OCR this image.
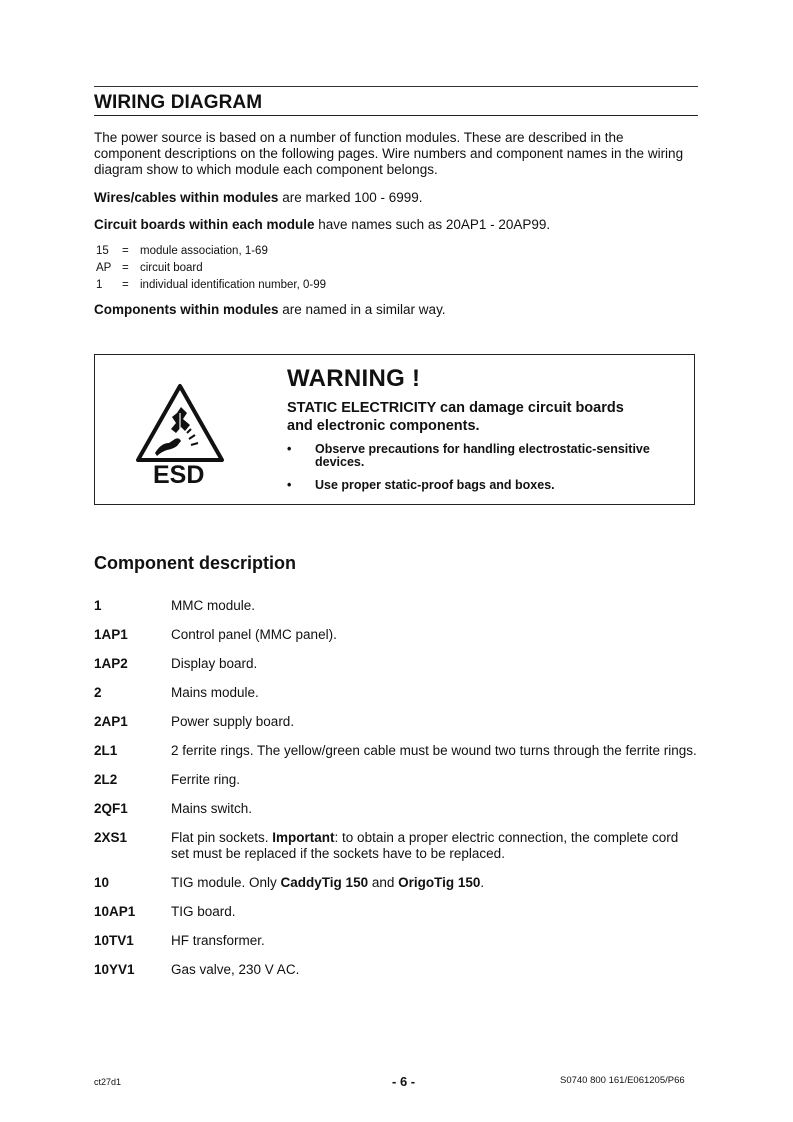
WIRING DIAGRAM
The power source is based on a number of function modules. These are described in the component descriptions on the following pages. Wire numbers and component names in the wiring diagram show to which module each component belongs.
Wires/cables within modules are marked 100 - 6999.
Circuit boards within each module have names such as 20AP1 - 20AP99.
15	= module association, 1-69
AP = circuit board
1	= individual identification number, 0-99
Components within modules are named in a similar way.
ESD
WARNING !
STATIC ELECTRICITY can damage circuit boards and electronic components.
•	Observe precautions for handling electrostatic-sensitive devices.
•	Use proper static-proof bags and boxes.
Component description
1	MMC module.
1AP1	Control panel (MMC panel).
1AP2	Display board.
2	Mains module.
2AP1	Power supply board.
2L1	2 ferrite rings. The yellow/green cable must be wound two turns through the ferrite rings.
2L2	Ferrite ring.
2QF1	Mains switch.
2XS1	Flat pin sockets. Important: to obtain a proper electric connection, the complete cord set must be replaced if the sockets have to be replaced.
10	TIG module. Only CaddyTig 150 and OrigoTig 150.
10AP1	TIG board.
10TV1	HF transformer.
10YV1	Gas valve, 230 V AC.
ct27d1	- 6 -	S0740 800 161/E061205/P66
